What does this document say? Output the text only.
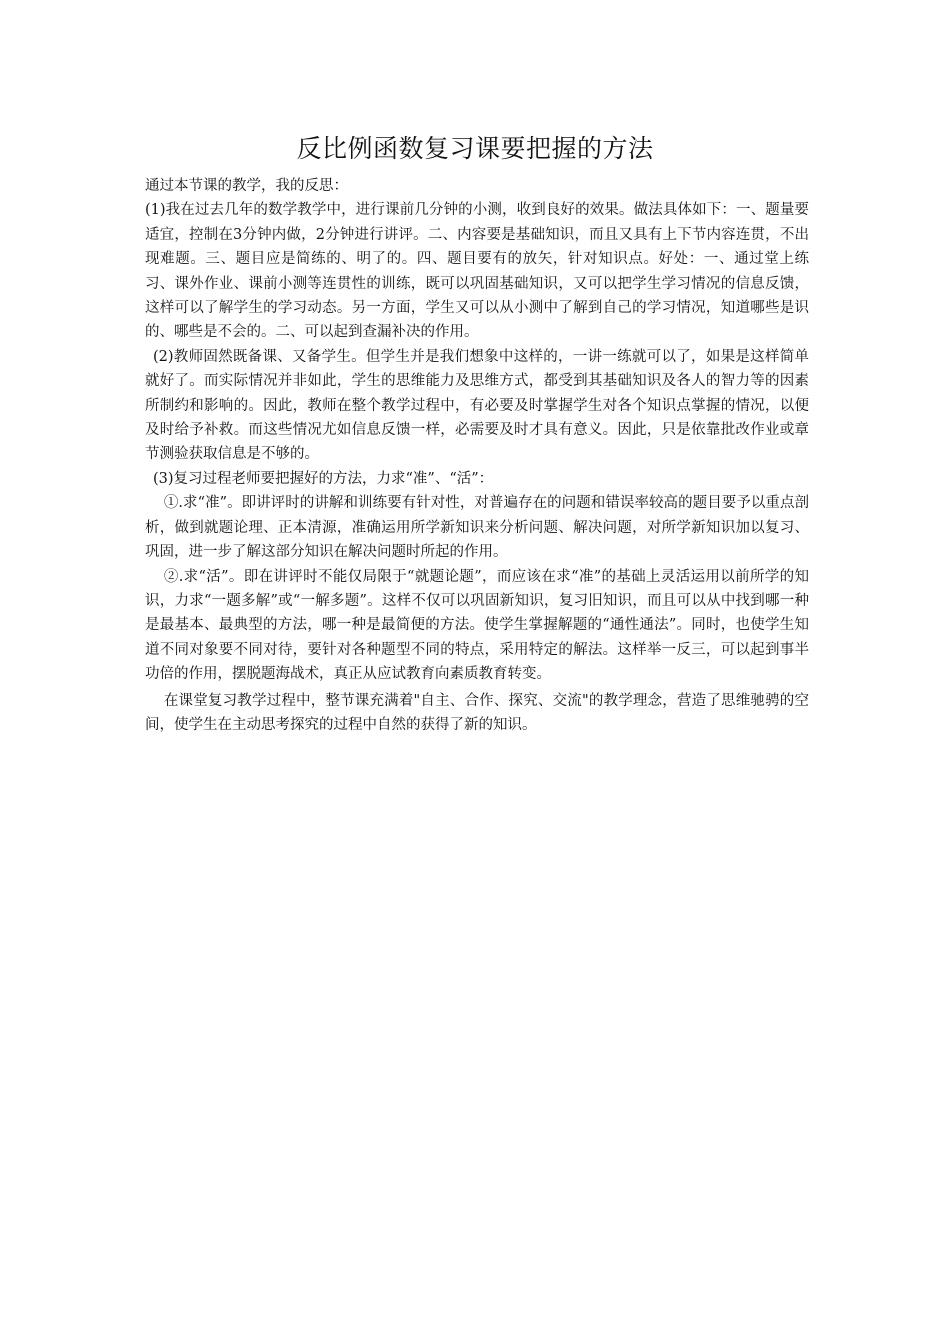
反比例函数复习课要把握的方法

通过本节课的教学，我的反思：

(1)我在过去几年的数学教学中，进行课前几分钟的小测，收到良好的效果。做法具体如下：一、题量要适宜，控制在3分钟内做，2分钟进行讲评。二、内容要是基础知识，而且又具有上下节内容连贯，不出现难题。三、题目应是简练的、明了的。四、题目要有的放矢，针对知识点。好处：一、通过堂上练习、课外作业、课前小测等连贯性的训练，既可以巩固基础知识，又可以把学生学习情况的信息反馈，这样可以了解学生的学习动态。另一方面，学生又可以从小测中了解到自己的学习情况，知道哪些是识的、哪些是不会的。二、可以起到查漏补决的作用。

(2)教师固然既备课、又备学生。但学生并是我们想象中这样的，一讲一练就可以了，如果是这样简单就好了。而实际情况并非如此，学生的思维能力及思维方式，都受到其基础知识及各人的智力等的因素所制约和影响的。因此，教师在整个教学过程中，有必要及时掌握学生对各个知识点掌握的情况，以便及时给予补救。而这些情况尤如信息反馈一样，必需要及时才具有意义。因此，只是依靠批改作业或章节测验获取信息是不够的。

(3)复习过程老师要把握好的方法，力求“准”、“活”：

①.求“准”。即讲评时的讲解和训练要有针对性，对普遍存在的问题和错误率较高的题目要予以重点剖析，做到就题论理、正本清源，准确运用所学新知识来分析问题、解决问题，对所学新知识加以复习、巩固，进一步了解这部分知识在解决问题时所起的作用。

②.求“活”。即在讲评时不能仅局限于“就题论题”，而应该在求“准”的基础上灵活运用以前所学的知识，力求“一题多解”或“一解多题”。这样不仅可以巩固新知识，复习旧知识，而且可以从中找到哪一种是最基本、最典型的方法，哪一种是最简便的方法。使学生掌握解题的“通性通法”。同时，也使学生知道不同对象要不同对待，要针对各种题型不同的特点，采用特定的解法。这样举一反三，可以起到事半功倍的作用，摆脱题海战术，真正从应试教育向素质教育转变。

在课堂复习教学过程中，整节课充满着"自主、合作、探究、交流"的教学理念，营造了思维驰骋的空间，使学生在主动思考探究的过程中自然的获得了新的知识。
